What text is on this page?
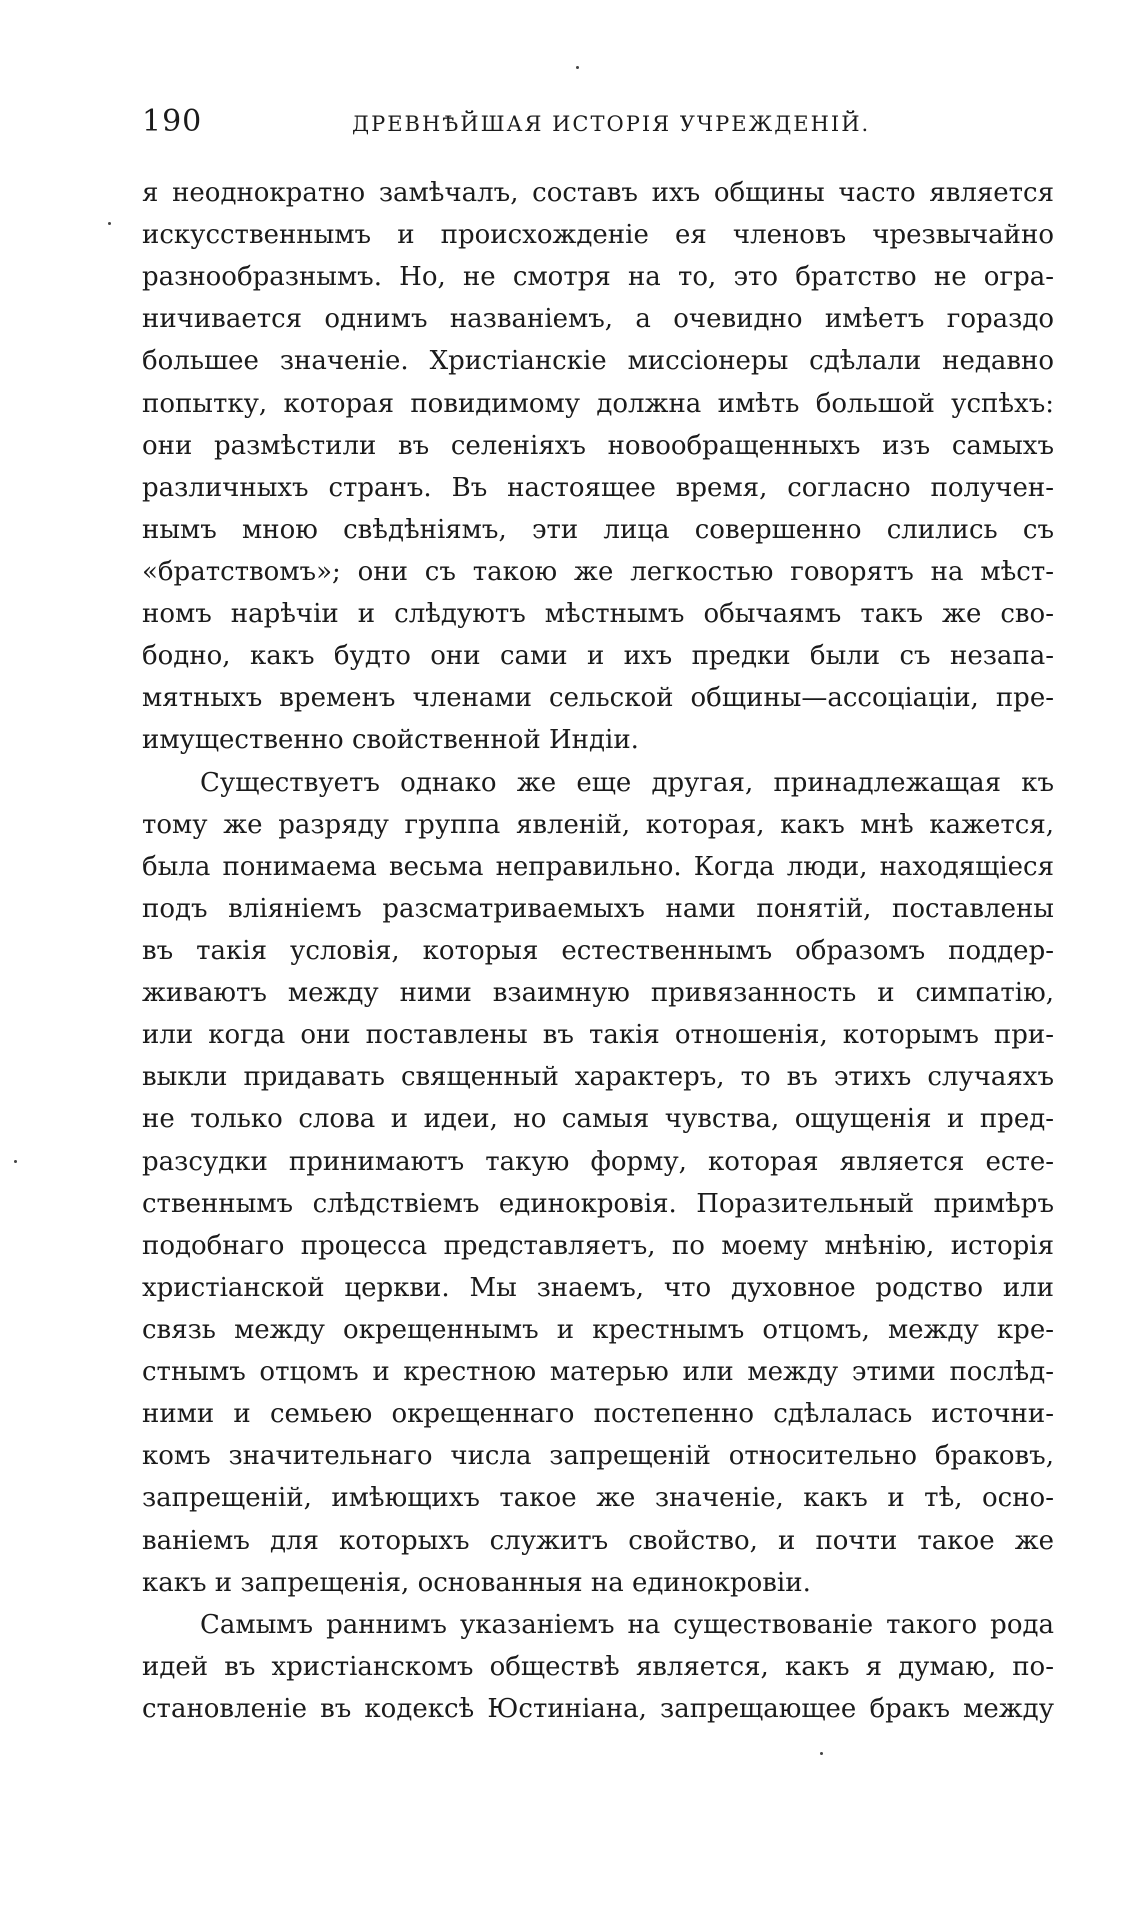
190	ДРЕВНѢЙШАЯ ИСТОРІЯ УЧРЕЖДЕНІЙ.
я неоднократно замѣчалъ, составъ ихъ общины часто является
искусственнымъ и происхожденіе ея членовъ чрезвычайно
разнообразнымъ. Но, не смотря на то, это братство не огра-
ничивается однимъ названіемъ, а очевидно имѣетъ гораздо
большее значеніе. Христіанскіе миссіонеры сдѣлали недавно
попытку, которая повидимому должна имѣть большой успѣхъ:
они размѣстили въ селеніяхъ новообращенныхъ изъ самыхъ
различныхъ странъ. Въ настоящее время, согласно получен-
нымъ мною свѣдѣніямъ, эти лица совершенно слились съ
«братствомъ»; они съ такою же легкостью говорятъ на мѣст-
номъ нарѣчіи и слѣдуютъ мѣстнымъ обычаямъ такъ же сво-
бодно, какъ будто они сами и ихъ предки были съ незапа-
мятныхъ временъ членами сельской общины—ассоціаціи, пре-
имущественно свойственной Индіи.
Существуетъ однако же еще другая, принадлежащая къ
тому же разряду группа явленій, которая, какъ мнѣ кажется,
была понимаема весьма неправильно. Когда люди, находящіеся
подъ вліяніемъ разсматриваемыхъ нами понятій, поставлены
въ такія условія, которыя естественнымъ образомъ поддер-
живаютъ между ними взаимную привязанность и симпатію,
или когда они поставлены въ такія отношенія, которымъ при-
выкли придавать священный характеръ, то въ этихъ случаяхъ
не только слова и идеи, но самыя чувства, ощущенія и пред-
разсудки принимаютъ такую форму, которая является есте-
ственнымъ слѣдствіемъ единокровія. Поразительный примѣръ
подобнаго процесса представляетъ, по моему мнѣнію, исторія
христіанской церкви. Мы знаемъ, что духовное родство или
связь между окрещеннымъ и крестнымъ отцомъ, между кре-
стнымъ отцомъ и крестною матерью или между этими послѣд-
ними и семьею окрещеннаго постепенно сдѣлалась источни-
комъ значительнаго числа запрещеній относительно браковъ,
запрещеній, имѣющихъ такое же значеніе, какъ и тѣ, осно-
ваніемъ для которыхъ служитъ свойство, и почти такое же
какъ и запрещенія, основанныя на единокровіи.
Самымъ раннимъ указаніемъ на существованіе такого рода
идей въ христіанскомъ обществѣ является, какъ я думаю, по-
становленіе въ кодексѣ Юстиніана, запрещающее бракъ между
